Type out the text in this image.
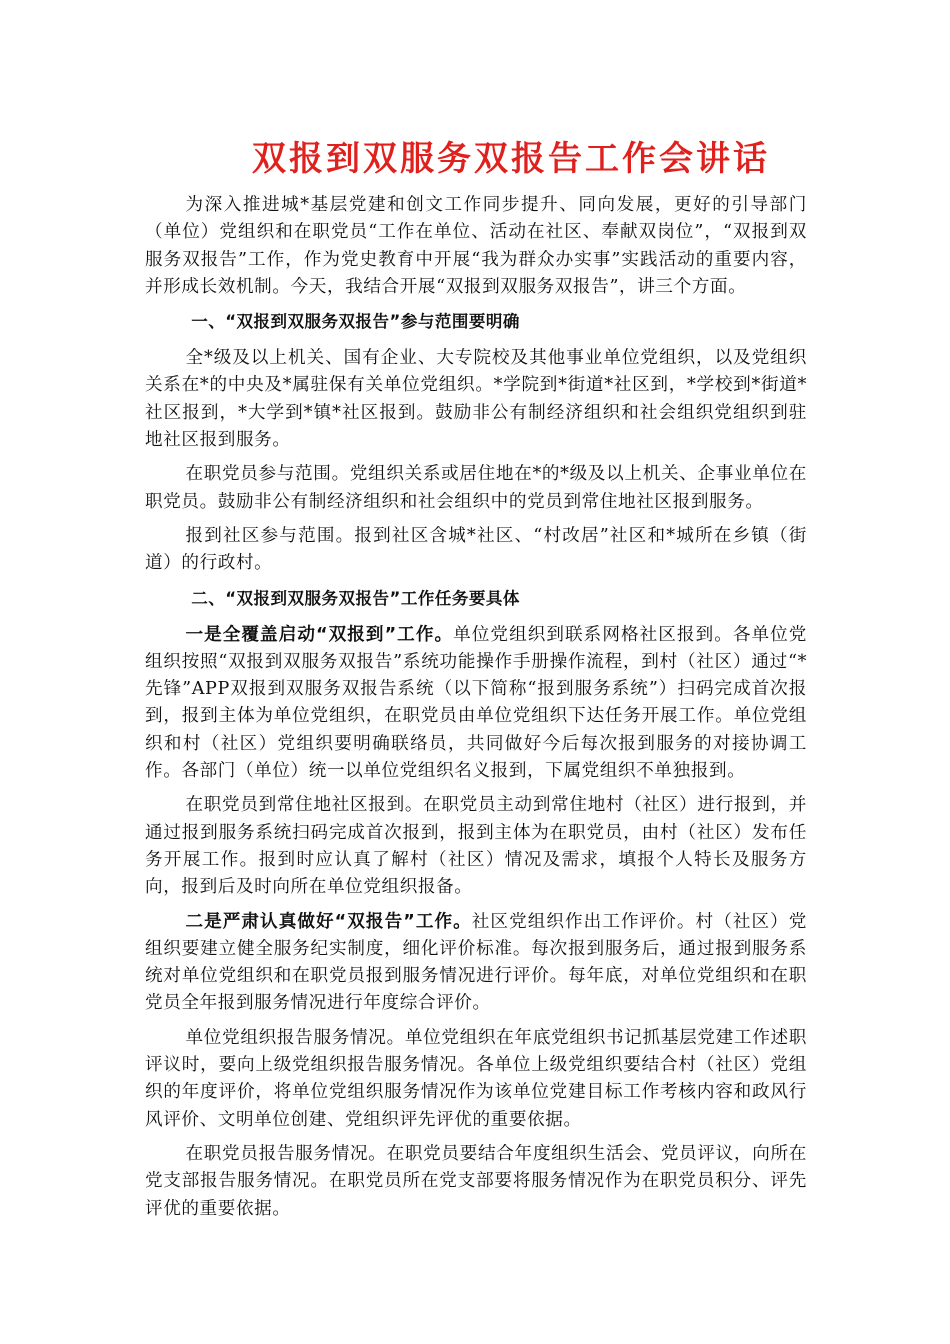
双报到双服务双报告工作会讲话

为深入推进城*基层党建和创文工作同步提升、同向发展，更好的引导部门（单位）党组织和在职党员“工作在单位、活动在社区、奉献双岗位”，“双报到双服务双报告”工作，作为党史教育中开展“我为群众办实事”实践活动的重要内容，并形成长效机制。今天，我结合开展“双报到双服务双报告”，讲三个方面。

一、“双报到双服务双报告”参与范围要明确

全*级及以上机关、国有企业、大专院校及其他事业单位党组织，以及党组织关系在*的中央及*属驻保有关单位党组织。*学院到*街道*社区到，*学校到*街道*社区报到，*大学到*镇*社区报到。鼓励非公有制经济组织和社会组织党组织到驻地社区报到服务。

在职党员参与范围。党组织关系或居住地在*的*级及以上机关、企事业单位在职党员。鼓励非公有制经济组织和社会组织中的党员到常住地社区报到服务。

报到社区参与范围。报到社区含城*社区、“村改居”社区和*城所在乡镇（街道）的行政村。

二、“双报到双服务双报告”工作任务要具体

一是全覆盖启动“双报到”工作。单位党组织到联系网格社区报到。各单位党组织按照“双报到双服务双报告”系统功能操作手册操作流程，到村（社区）通过“*先锋”APP双报到双服务双报告系统（以下简称“报到服务系统”）扫码完成首次报到，报到主体为单位党组织，在职党员由单位党组织下达任务开展工作。单位党组织和村（社区）党组织要明确联络员，共同做好今后每次报到服务的对接协调工作。各部门（单位）统一以单位党组织名义报到，下属党组织不单独报到。

在职党员到常住地社区报到。在职党员主动到常住地村（社区）进行报到，并通过报到服务系统扫码完成首次报到，报到主体为在职党员，由村（社区）发布任务开展工作。报到时应认真了解村（社区）情况及需求，填报个人特长及服务方向，报到后及时向所在单位党组织报备。

二是严肃认真做好“双报告”工作。社区党组织作出工作评价。村（社区）党组织要建立健全服务纪实制度，细化评价标准。每次报到服务后，通过报到服务系统对单位党组织和在职党员报到服务情况进行评价。每年底，对单位党组织和在职党员全年报到服务情况进行年度综合评价。

单位党组织报告服务情况。单位党组织在年底党组织书记抓基层党建工作述职评议时，要向上级党组织报告服务情况。各单位上级党组织要结合村（社区）党组织的年度评价，将单位党组织服务情况作为该单位党建目标工作考核内容和政风行风评价、文明单位创建、党组织评先评优的重要依据。

在职党员报告服务情况。在职党员要结合年度组织生活会、党员评议，向所在党支部报告服务情况。在职党员所在党支部要将服务情况作为在职党员积分、评先评优的重要依据。
